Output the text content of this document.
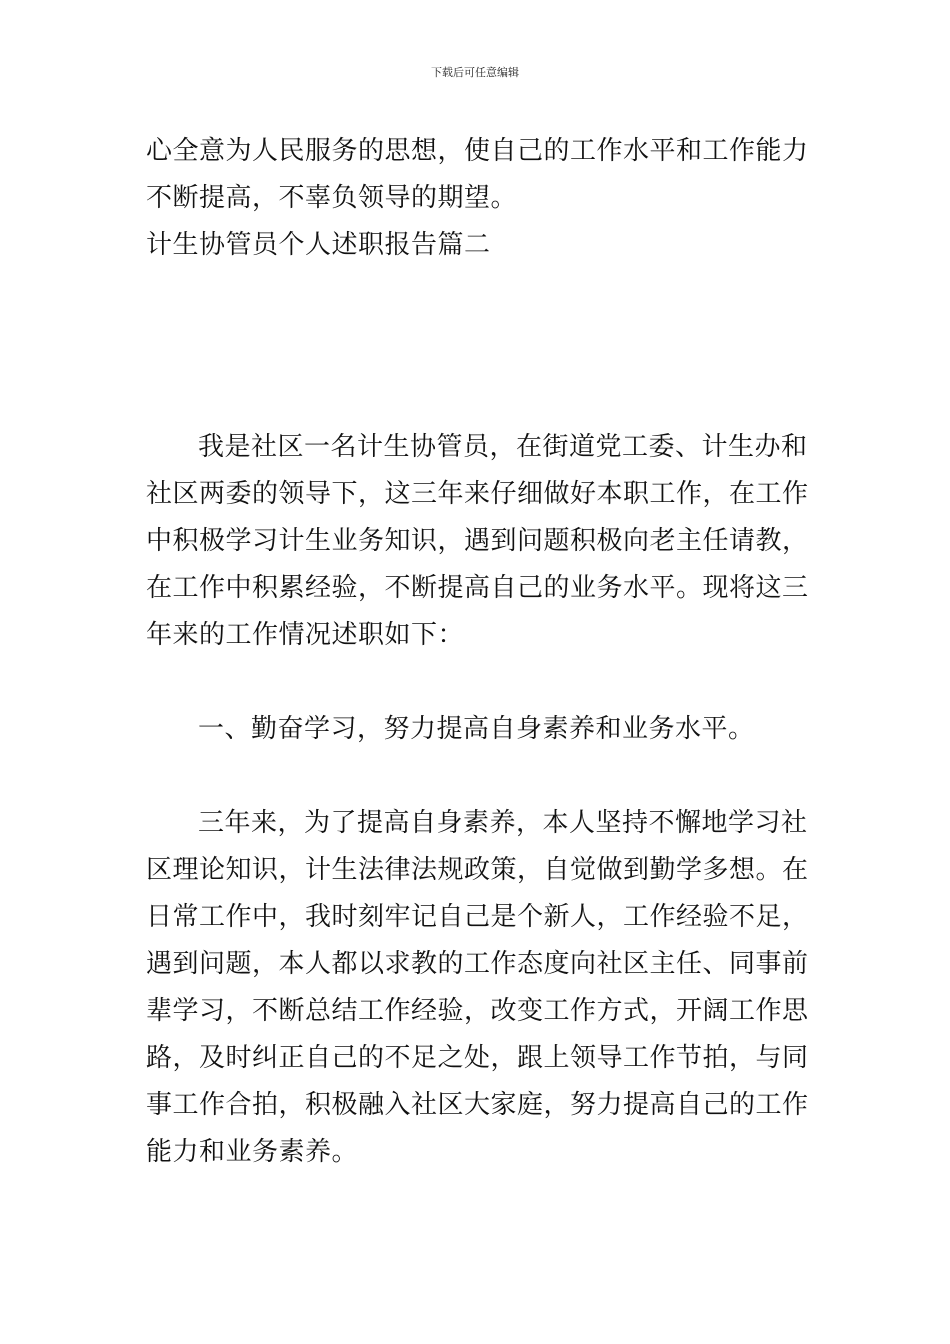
下载后可任意编辑
心全意为人民服务的思想，使自己的工作水平和工作能力
不断提高，不辜负领导的期望。
计生协管员个人述职报告篇二
我是社区一名计生协管员，在街道党工委、计生办和
社区两委的领导下，这三年来仔细做好本职工作，在工作
中积极学习计生业务知识，遇到问题积极向老主任请教，
在工作中积累经验，不断提高自己的业务水平。现将这三
年来的工作情况述职如下：
一、勤奋学习，努力提高自身素养和业务水平。
三年来，为了提高自身素养，本人坚持不懈地学习社
区理论知识，计生法律法规政策，自觉做到勤学多想。在
日常工作中，我时刻牢记自己是个新人，工作经验不足，
遇到问题，本人都以求教的工作态度向社区主任、同事前
辈学习，不断总结工作经验，改变工作方式，开阔工作思
路，及时纠正自己的不足之处，跟上领导工作节拍，与同
事工作合拍，积极融入社区大家庭，努力提高自己的工作
能力和业务素养。
